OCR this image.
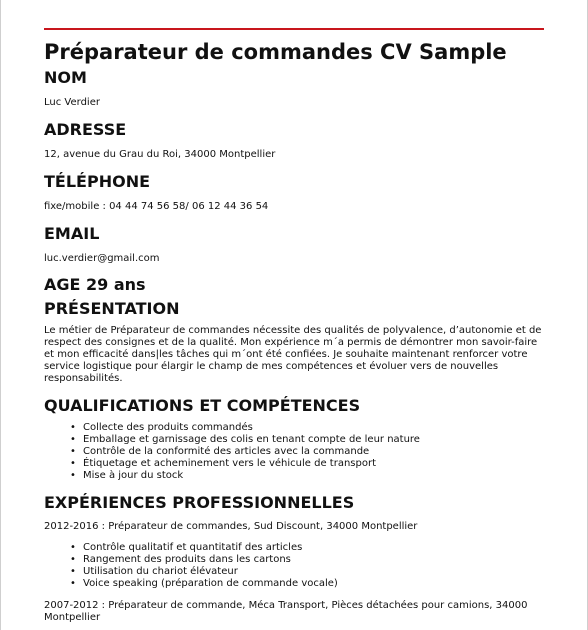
Préparateur de commandes CV Sample
NOM
Luc Verdier
ADRESSE
12, avenue du Grau du Roi, 34000 Montpellier
TÉLÉPHONE
fixe/mobile : 04 44 74 56 58/ 06 12 44 36 54
EMAIL
luc.verdier@gmail.com
AGE 29 ans
PRÉSENTATION

Le métier de Préparateur de commandes nécessite des qualités de polyvalence, d’autonomie et de respect des consignes et de la qualité. Mon expérience m´a permis de démontrer mon savoir-faire et mon efficacité dans|les tâches qui m´ont été confiées. Je souhaite maintenant renforcer votre service logistique pour élargir le champ de mes compétences et évoluer vers de nouvelles responsabilités.

QUALIFICATIONS ET COMPÉTENCES
• Collecte des produits commandés
• Emballage et garnissage des colis en tenant compte de leur nature
• Contrôle de la conformité des articles avec la commande
• Étiquetage et acheminement vers le véhicule de transport
• Mise à jour du stock
EXPÉRIENCES PROFESSIONNELLES
2012-2016 : Préparateur de commandes, Sud Discount, 34000 Montpellier
• Contrôle qualitatif et quantitatif des articles
• Rangement des produits dans les cartons
• Utilisation du chariot élévateur
• Voice speaking (préparation de commande vocale)

2007-2012 : Préparateur de commande, Méca Transport, Pièces détachées pour camions, 34000 Montpellier
